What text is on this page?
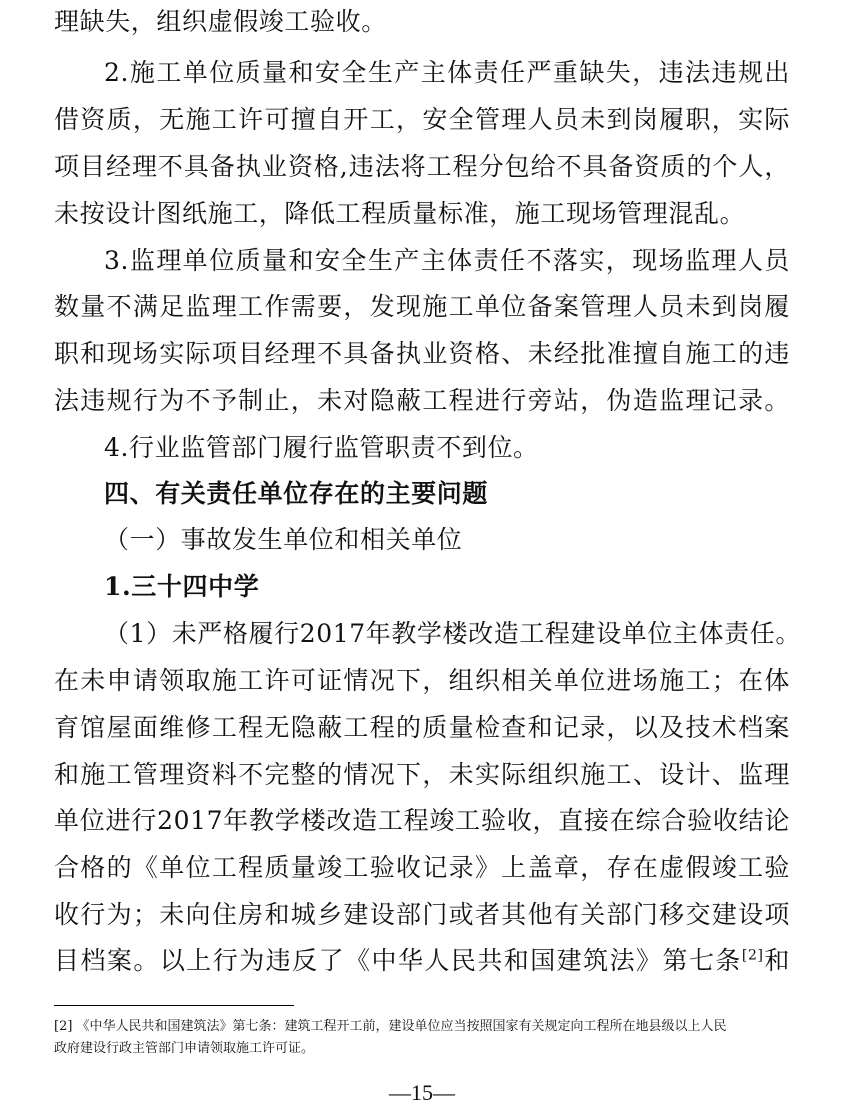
理缺失，组织虚假竣工验收。
2.施工单位质量和安全生产主体责任严重缺失，违法违规出
借资质，无施工许可擅自开工，安全管理人员未到岗履职，实际
项目经理不具备执业资格,违法将工程分包给不具备资质的个人，
未按设计图纸施工，降低工程质量标准，施工现场管理混乱。
3.监理单位质量和安全生产主体责任不落实，现场监理人员
数量不满足监理工作需要，发现施工单位备案管理人员未到岗履
职和现场实际项目经理不具备执业资格、未经批准擅自施工的违
法违规行为不予制止，未对隐蔽工程进行旁站，伪造监理记录。
4.行业监管部门履行监管职责不到位。
四、有关责任单位存在的主要问题
（一）事故发生单位和相关单位
1.三十四中学
（1）未严格履行2017年教学楼改造工程建设单位主体责任。
在未申请领取施工许可证情况下，组织相关单位进场施工；在体
育馆屋面维修工程无隐蔽工程的质量检查和记录，以及技术档案
和施工管理资料不完整的情况下，未实际组织施工、设计、监理
单位进行2017年教学楼改造工程竣工验收，直接在综合验收结论
合格的《单位工程质量竣工验收记录》上盖章，存在虚假竣工验
收行为；未向住房和城乡建设部门或者其他有关部门移交建设项
目档案。以上行为违反了《中华人民共和国建筑法》第七条[2]和
[2] 《中华人民共和国建筑法》第七条：建筑工程开工前，建设单位应当按照国家有关规定向工程所在地县级以上人民
政府建设行政主管部门申请领取施工许可证。
—15—
